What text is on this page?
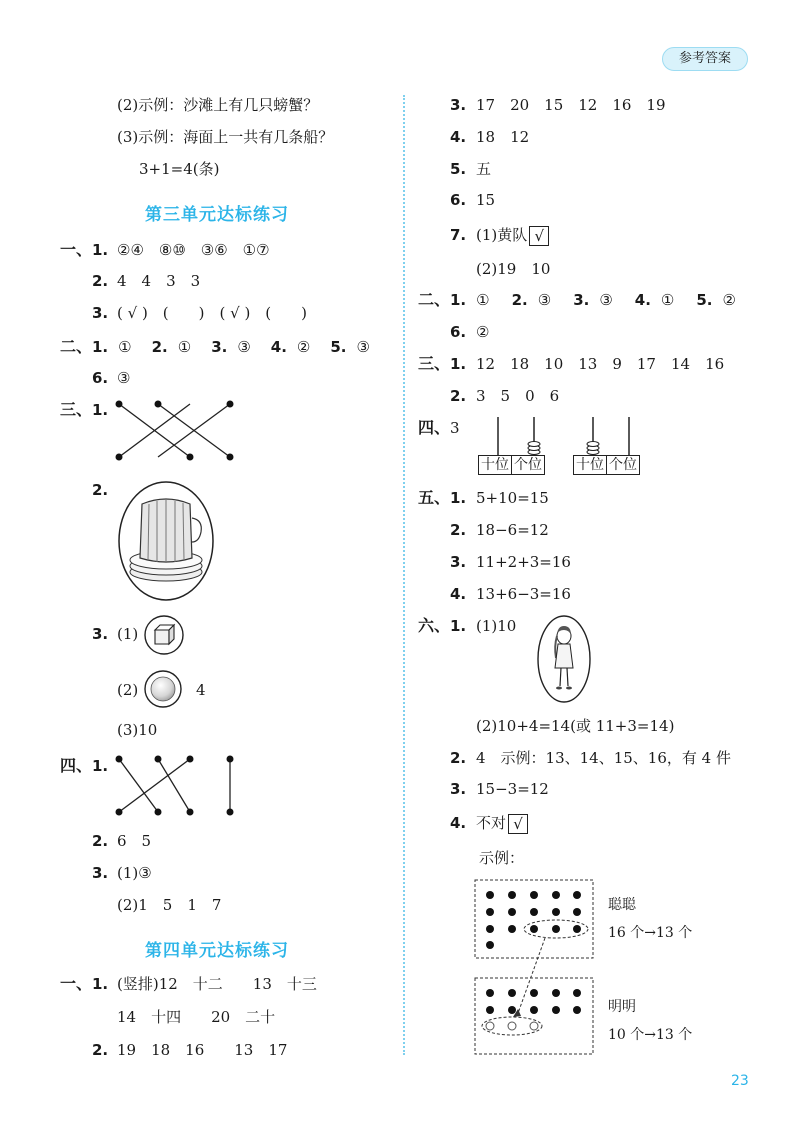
参考答案
(2)示例：沙滩上有几只螃蟹？
(3)示例：海面上一共有几条船？
3+1=4(条)
第三单元达标练习
一、 1. ②④　⑧⑩　③⑥　①⑦
2. 4　4　3　3
3. ( √ )　(　　)　( √ )　(　　)
二、 1. ① 2. ① 3. ③ 4. ② 5. ③
6. ③
三、 1.
2.
3. (1)
(2)	4
(3)10
四、 1.
2. 6　5
3. (1)③
(2)1　5　1　7
第四单元达标练习
一、 1. (竖排)12　十二　　13　十三
14　十四　　20　二十
2. 19　18　16　　13　17
3. 17　20　15　12　16　19
4. 18　12
5. 五
6. 15
7. (1)黄队 √
(2)19　10
二、 1. ① 2. ③ 3. ③ 4. ① 5. ②
6. ②
三、 1. 12　18　10　13　9　17　14　16
2. 3　5　0　6
四、 3
十位 个位 十位 个位
五、 1. 5+10=15
2. 18−6=12
3. 11+2+3=16
4. 13+6−3=16
六、 1. (1)10
(2)10+4=14(或 11+3=14)
2. 4　示例：13、14、15、16，有 4 件
3. 15−3=12
4. 不对 √
示例：
聪聪
16 个→13 个
明明
10 个→13 个
23
